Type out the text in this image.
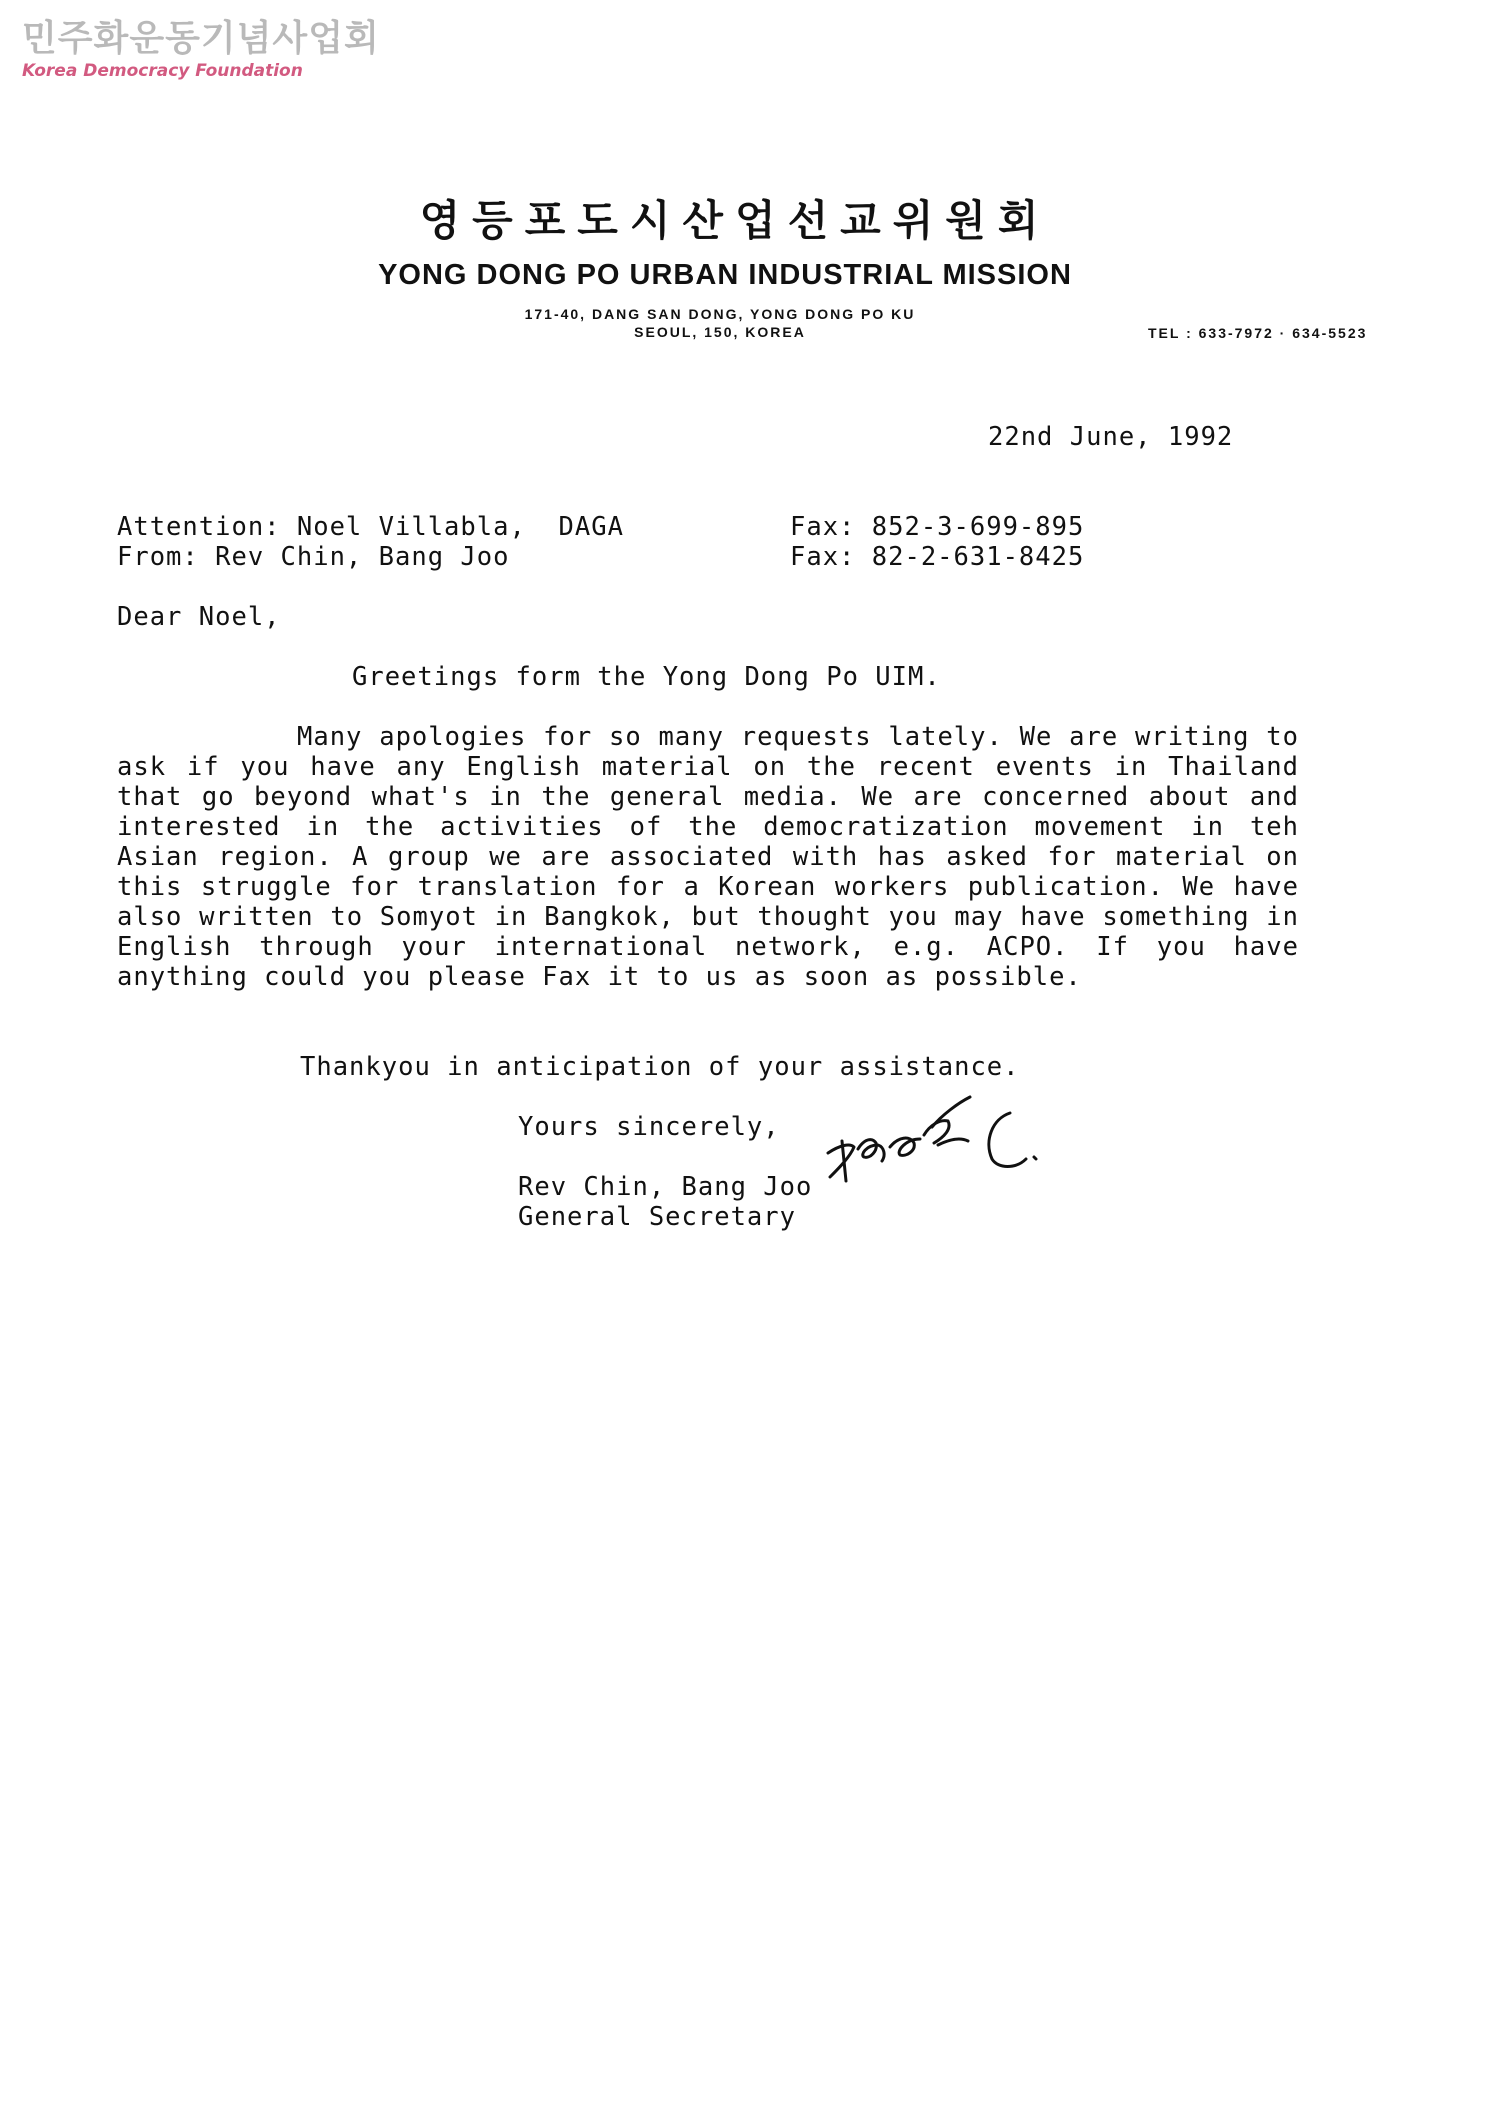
민주화운동기념사업회
Korea Democracy Foundation
영등포도시산업선교위원회
YONG DONG PO URBAN INDUSTRIAL MISSION
171-40, DANG SAN DONG, YONG DONG PO KU
SEOUL, 150, KOREA	TEL : 633-7972 · 634-5523
22nd June, 1992
Attention: Noel Villabla,  DAGA	Fax: 852-3-699-895
From: Rev Chin, Bang Joo	Fax: 82-2-631-8425
Dear Noel,
Greetings form the Yong Dong Po UIM.
Many apologies for so many requests lately. We are writing to ask if you have any English material on the recent events in Thailand that go beyond what's in the general media. We are concerned about and interested in the activities of the democratization movement in teh Asian region. A group we are associated with has asked for material on this struggle for translation for a Korean workers publication. We have also written to Somyot in Bangkok, but thought you may have something in English through your international network, e.g. ACPO. If you have anything could you please Fax it to us as soon as possible.
Thankyou in anticipation of your assistance.
Yours sincerely,
Rev Chin, Bang Joo
General Secretary
